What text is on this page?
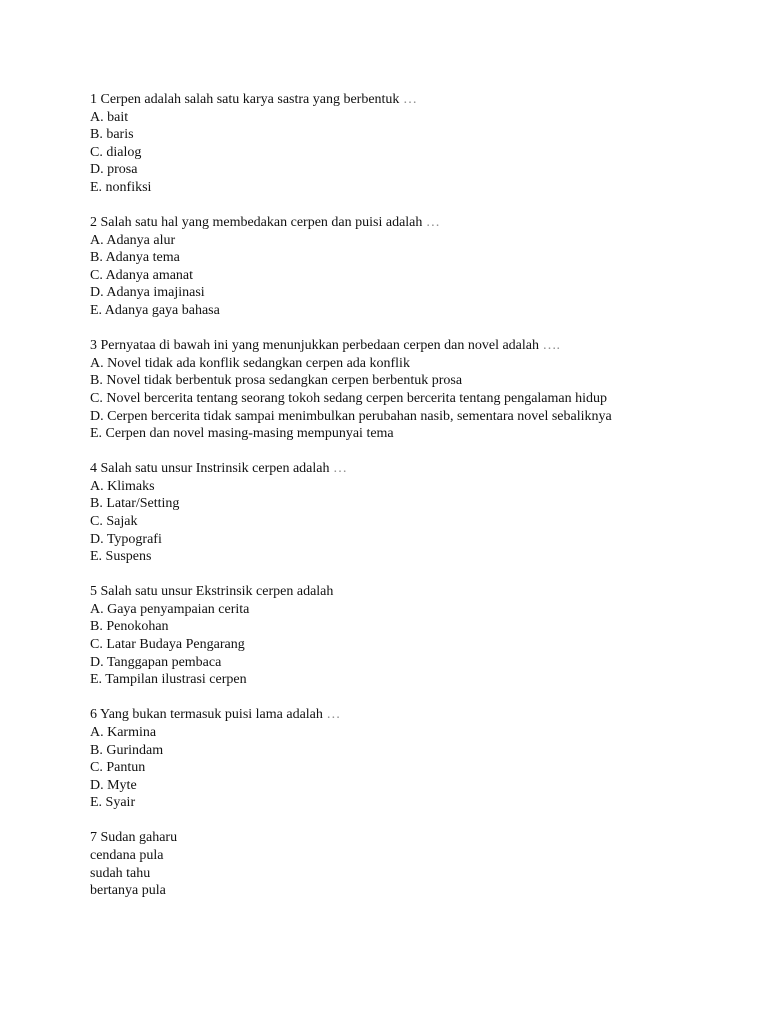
1 Cerpen adalah salah satu karya sastra yang berbentuk …
A. bait
B. baris
C. dialog
D. prosa
E. nonfiksi
2 Salah satu hal yang membedakan cerpen dan puisi adalah …
A. Adanya alur
B. Adanya tema
C. Adanya amanat
D. Adanya imajinasi
E. Adanya gaya bahasa
3 Pernyataa di bawah ini yang menunjukkan perbedaan cerpen dan novel adalah ….
A. Novel tidak ada konflik sedangkan cerpen ada konflik
B. Novel tidak berbentuk prosa sedangkan cerpen berbentuk prosa
C. Novel bercerita tentang seorang tokoh sedang cerpen bercerita tentang pengalaman hidup
D. Cerpen bercerita tidak sampai menimbulkan perubahan nasib, sementara novel sebaliknya
E. Cerpen dan novel masing-masing mempunyai tema
4 Salah satu unsur Instrinsik cerpen adalah …
A. Klimaks
B. Latar/Setting
C. Sajak
D. Typografi
E. Suspens
5 Salah satu unsur Ekstrinsik cerpen adalah
A. Gaya penyampaian cerita
B. Penokohan
C. Latar Budaya Pengarang
D. Tanggapan pembaca
E. Tampilan ilustrasi cerpen
6 Yang bukan termasuk puisi lama adalah …
A. Karmina
B. Gurindam
C. Pantun
D. Myte
E. Syair
7 Sudan gaharu
cendana pula
sudah tahu
bertanya pula
